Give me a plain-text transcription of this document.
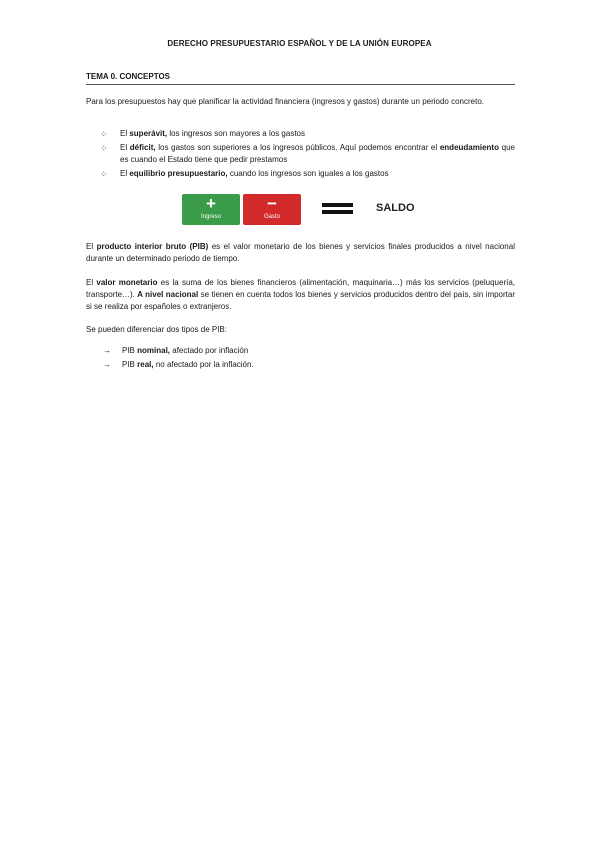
DERECHO PRESUPUESTARIO ESPAÑOL Y DE LA UNIÓN EUROPEA
TEMA 0. CONCEPTOS
Para los presupuestos hay que planificar la actividad financiera (ingresos y gastos) durante un periodo concreto.
⁘ El superávit, los ingresos son mayores a los gastos
⁘ El déficit, los gastos son superiores a los ingresos públicos. Aquí podemos encontrar el endeudamiento que es cuando el Estado tiene que pedir prestamos
⁘ El equilibrio presupuestario, cuando los ingresos son iguales a los gastos
+
Ingreso
−
Gasto
SALDO
El producto interior bruto (PIB) es el valor monetario de los bienes y servicios finales producidos a nivel nacional durante un determinado periodo de tiempo.
El valor monetario es la suma de los bienes financieros (alimentación, maquinaria…) más los servicios (peluquería, transporte…). A nivel nacional se tienen en cuenta todos los bienes y servicios producidos dentro del país, sin importar si se realiza por españoles o extranjeros.
Se pueden diferenciar dos tipos de PIB:
→ PIB nominal, afectado por inflación
→ PIB real, no afectado por la inflación.
